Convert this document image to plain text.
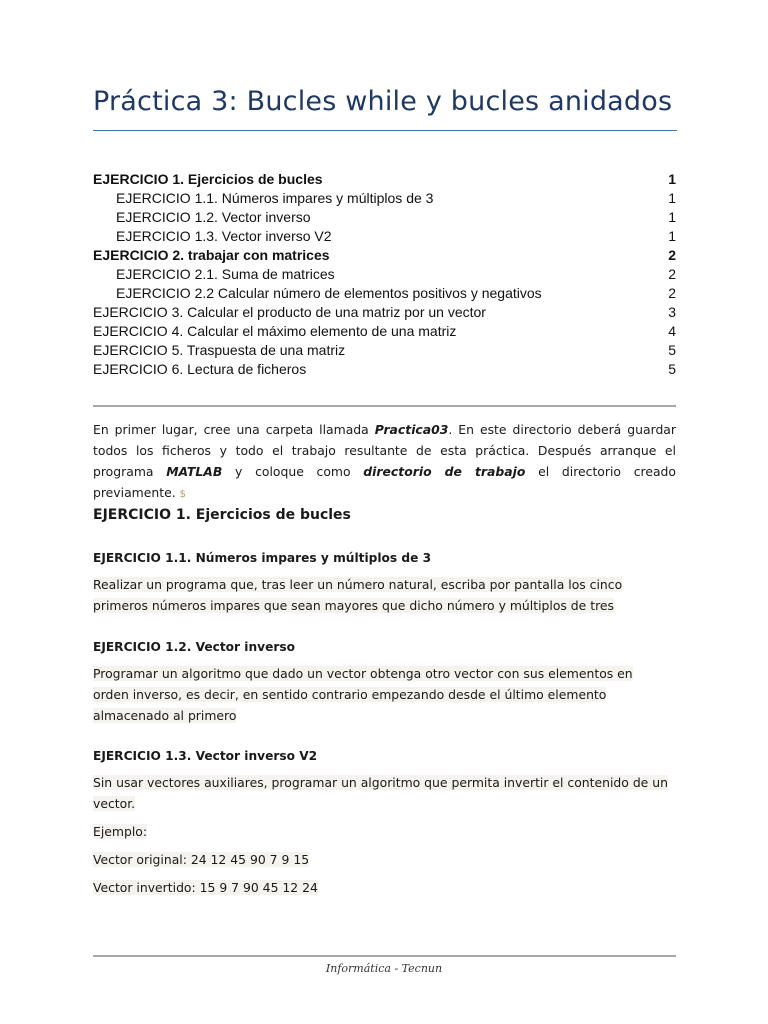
Práctica 3: Bucles while y bucles anidados
EJERCICIO 1. Ejercicios de bucles	1
EJERCICIO 1.1. Números impares y múltiplos de 3	1
EJERCICIO 1.2. Vector inverso	1
EJERCICIO 1.3. Vector inverso V2	1
EJERCICIO 2. trabajar con matrices	2
EJERCICIO 2.1. Suma de matrices	2
EJERCICIO 2.2 Calcular número de elementos positivos y negativos	2
EJERCICIO 3. Calcular el producto de una matriz por un vector	3
EJERCICIO 4. Calcular el máximo elemento de una matriz	4
EJERCICIO 5. Traspuesta de una matriz	5
EJERCICIO 6. Lectura de ficheros	5

En primer lugar, cree una carpeta llamada Practica03. En este directorio deberá guardar todos los ficheros y todo el trabajo resultante de esta práctica. Después arranque el programa MATLAB y coloque como directorio de trabajo el directorio creado previamente. $

EJERCICIO 1. Ejercicios de bucles
EJERCICIO 1.1. Números impares y múltiplos de 3
Realizar un programa que, tras leer un número natural, escriba por pantalla los cinco
primeros números impares que sean mayores que dicho número y múltiplos de tres
EJERCICIO 1.2. Vector inverso
Programar un algoritmo que dado un vector obtenga otro vector con sus elementos en
orden inverso, es decir, en sentido contrario empezando desde el último elemento
almacenado al primero
EJERCICIO 1.3. Vector inverso V2
Sin usar vectores auxiliares, programar un algoritmo que permita invertir el contenido de un
vector.
Ejemplo:
Vector original: 24 12 45 90 7 9 15
Vector invertido: 15 9 7 90 45 12 24
Informática - Tecnun
